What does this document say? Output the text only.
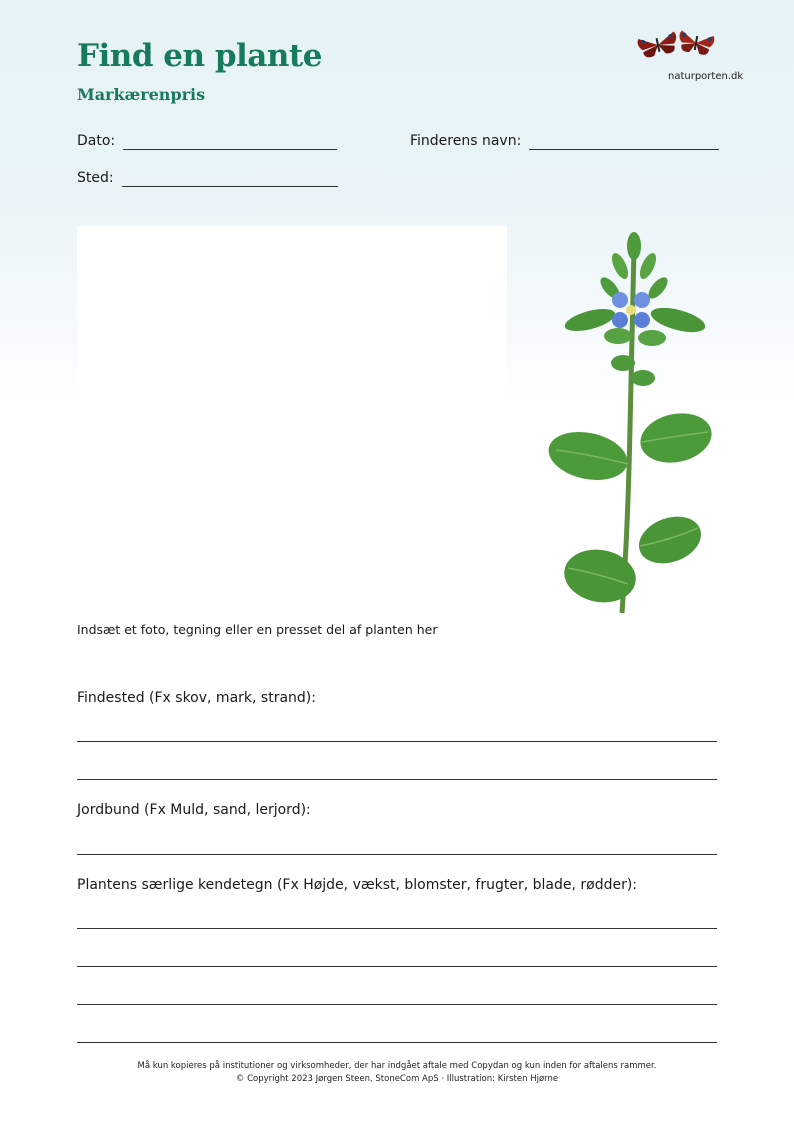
Find en plante
Markærenpris
naturporten.dk
Dato:	Finderens navn:
Sted:
Indsæt et foto, tegning eller en presset del af planten her
Findested (Fx skov, mark, strand):
Jordbund (Fx Muld, sand, lerjord):
Plantens særlige kendetegn (Fx Højde, vækst, blomster, frugter, blade, rødder):
Må kun kopieres på institutioner og virksomheder, der har indgået aftale med Copydan og kun inden for aftalens rammer.
© Copyright 2023 Jørgen Steen, StoneCom ApS · Illustration: Kirsten Hjørne
